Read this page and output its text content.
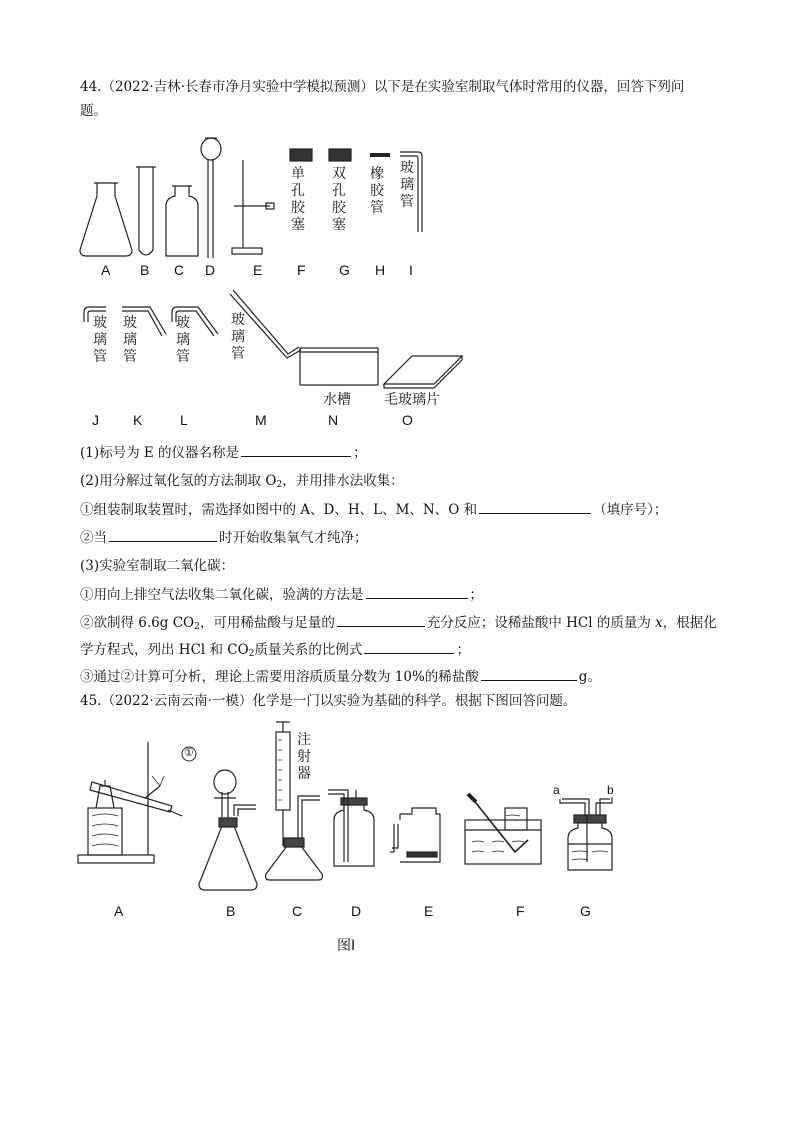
44.（2022·吉林·长春市净月实验中学模拟预测）以下是在实验室制取气体时常用的仪器，回答下列问
题。
单孔胶塞
双孔胶塞
橡胶管
玻璃管
A B C D	E F G H I
玻璃管
玻璃管
玻璃管
玻璃管
水槽 毛玻璃片
J K	L	M	N	O
(1)标号为 E 的仪器名称是	；
(2)用分解过氧化氢的方法制取 $O_2$，并用排水法收集：
①组装制取装置时，需选择如图中的 A、D、H、L、M、N、O 和	（填序号）；
②当	时开始收集氧气才纯净；
(3)实验室制取二氧化碳：
①用向上排空气法收集二氧化碳，验满的方法是	；
②欲制得 6.6g $CO_2$，可用稀盐酸与足量的	充分反应；设稀盐酸中 HCl 的质量为 x，根据化
学方程式，列出 HCl 和 $CO_2$质量关系的比例式	；
③通过②计算可分析，理论上需要用溶质质量分数为 10%的稀盐酸	g。
45.（2022·云南云南·一模）化学是一门以实验为基础的科学。根据下图回答问题。
①
注射器
a	b
A	B	C	D	E	F	G
图Ⅰ
